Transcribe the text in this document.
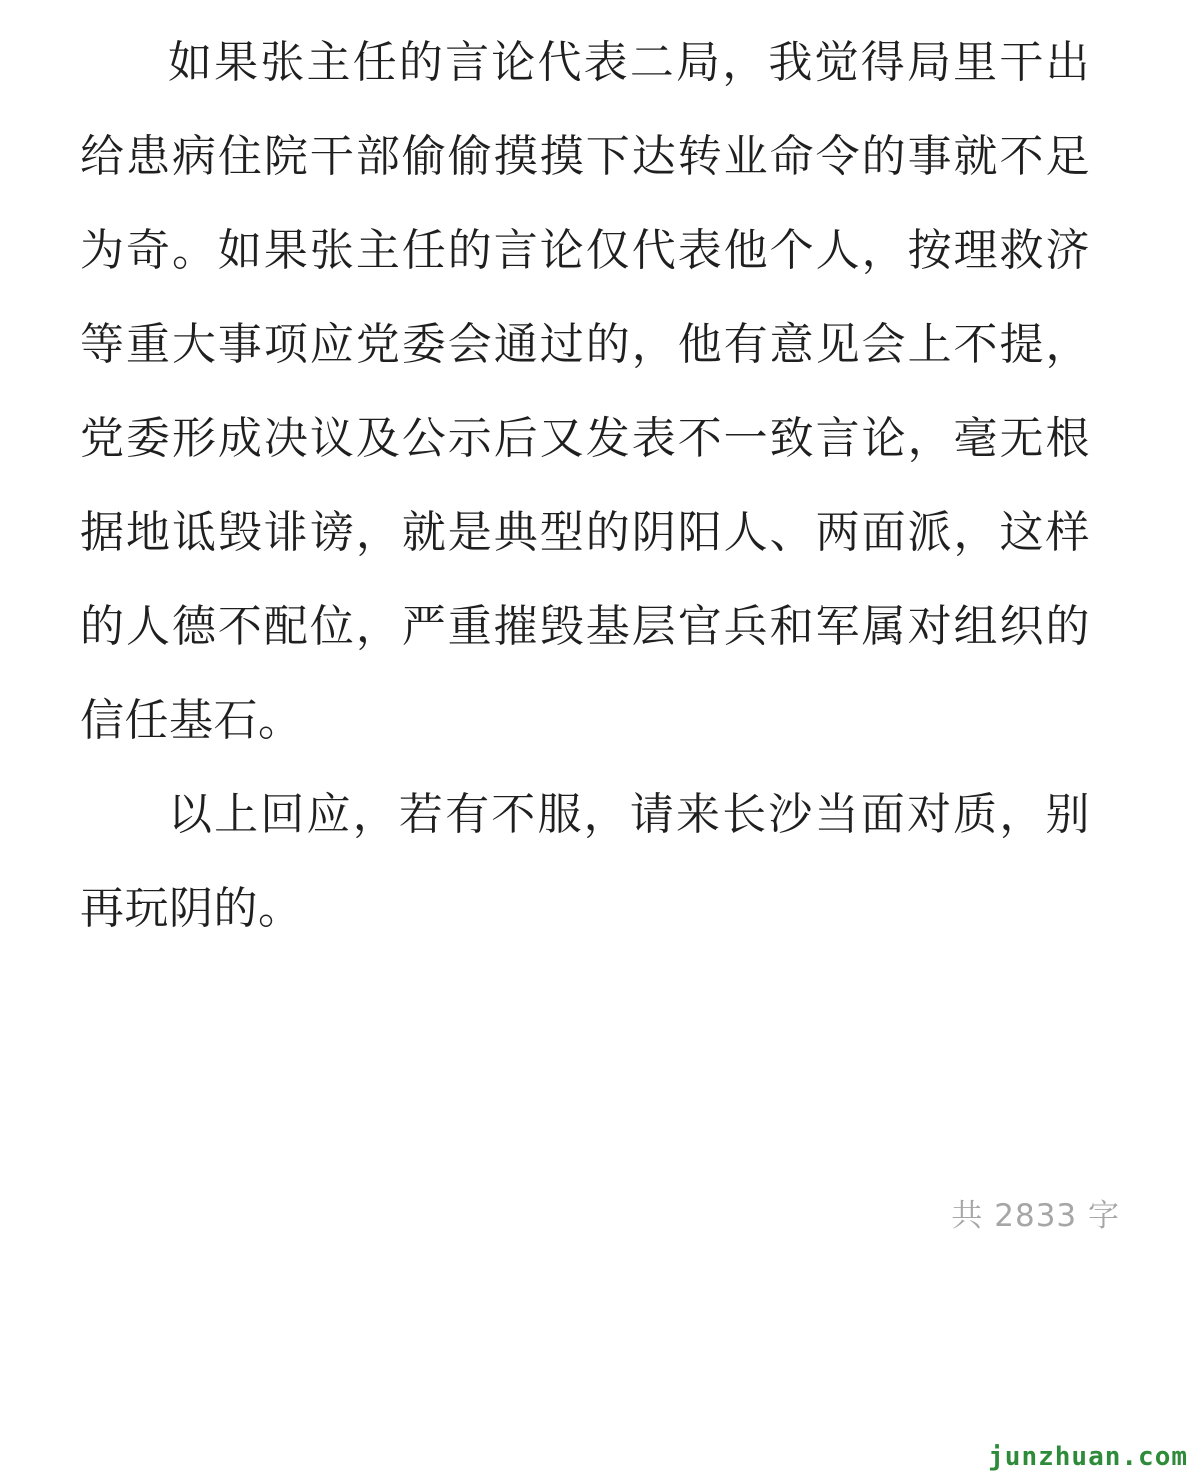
如果张主任的言论代表二局，我觉得局里干出给患病住院干部偷偷摸摸下达转业命令的事就不足为奇。如果张主任的言论仅代表他个人，按理救济等重大事项应党委会通过的，他有意见会上不提，党委形成决议及公示后又发表不一致言论，毫无根据地诋毁诽谤，就是典型的阴阳人、两面派，这样的人德不配位，严重摧毁基层官兵和军属对组织的信任基石。

以上回应，若有不服，请来长沙当面对质，别再玩阴的。

共 2833 字
junzhuan.com
